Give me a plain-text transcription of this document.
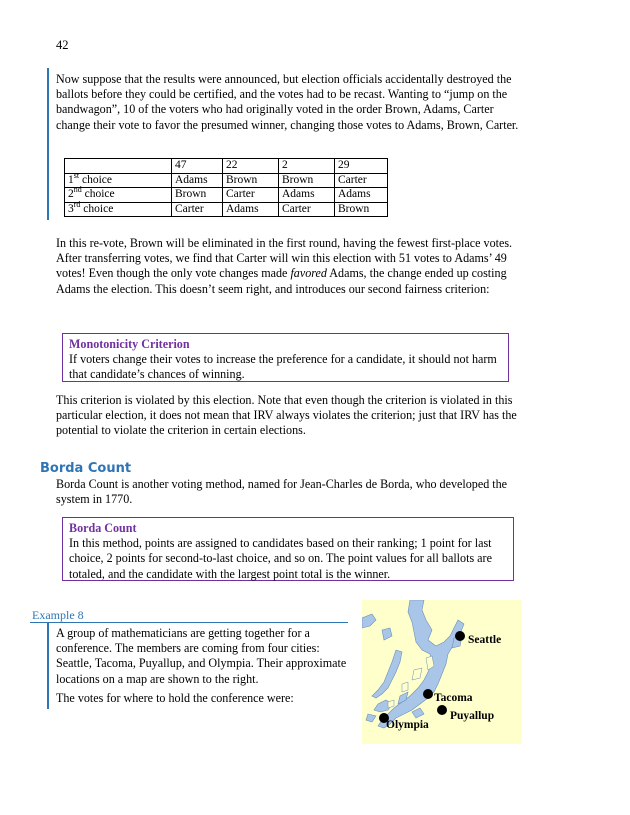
42
Now suppose that the results were announced, but election officials accidentally destroyed the ballots before they could be certified, and the votes had to be recast. Wanting to “jump on the bandwagon”, 10 of the voters who had originally voted in the order Brown, Adams, Carter change their vote to favor the presumed winner, changing those votes to Adams, Brown, Carter.
	47	22	2	29
1st choice	Adams	Brown	Brown	Carter
2nd choice	Brown	Carter	Adams	Adams
3rd choice	Carter	Adams	Carter	Brown
In this re-vote, Brown will be eliminated in the first round, having the fewest first-place votes. After transferring votes, we find that Carter will win this election with 51 votes to Adams’ 49 votes! Even though the only vote changes made favored Adams, the change ended up costing Adams the election. This doesn’t seem right, and introduces our second fairness criterion:
Monotonicity Criterion
If voters change their votes to increase the preference for a candidate, it should not harm that candidate’s chances of winning.
This criterion is violated by this election. Note that even though the criterion is violated in this particular election, it does not mean that IRV always violates the criterion; just that IRV has the potential to violate the criterion in certain elections.
Borda Count
Borda Count is another voting method, named for Jean-Charles de Borda, who developed the system in 1770.
Borda Count
In this method, points are assigned to candidates based on their ranking; 1 point for last choice, 2 points for second-to-last choice, and so on. The point values for all ballots are totaled, and the candidate with the largest point total is the winner.
Example 8
A group of mathematicians are getting together for a conference. The members are coming from four cities: Seattle, Tacoma, Puyallup, and Olympia. Their approximate locations on a map are shown to the right.
The votes for where to hold the conference were:
Seattle
Tacoma
Puyallup
Olympia
